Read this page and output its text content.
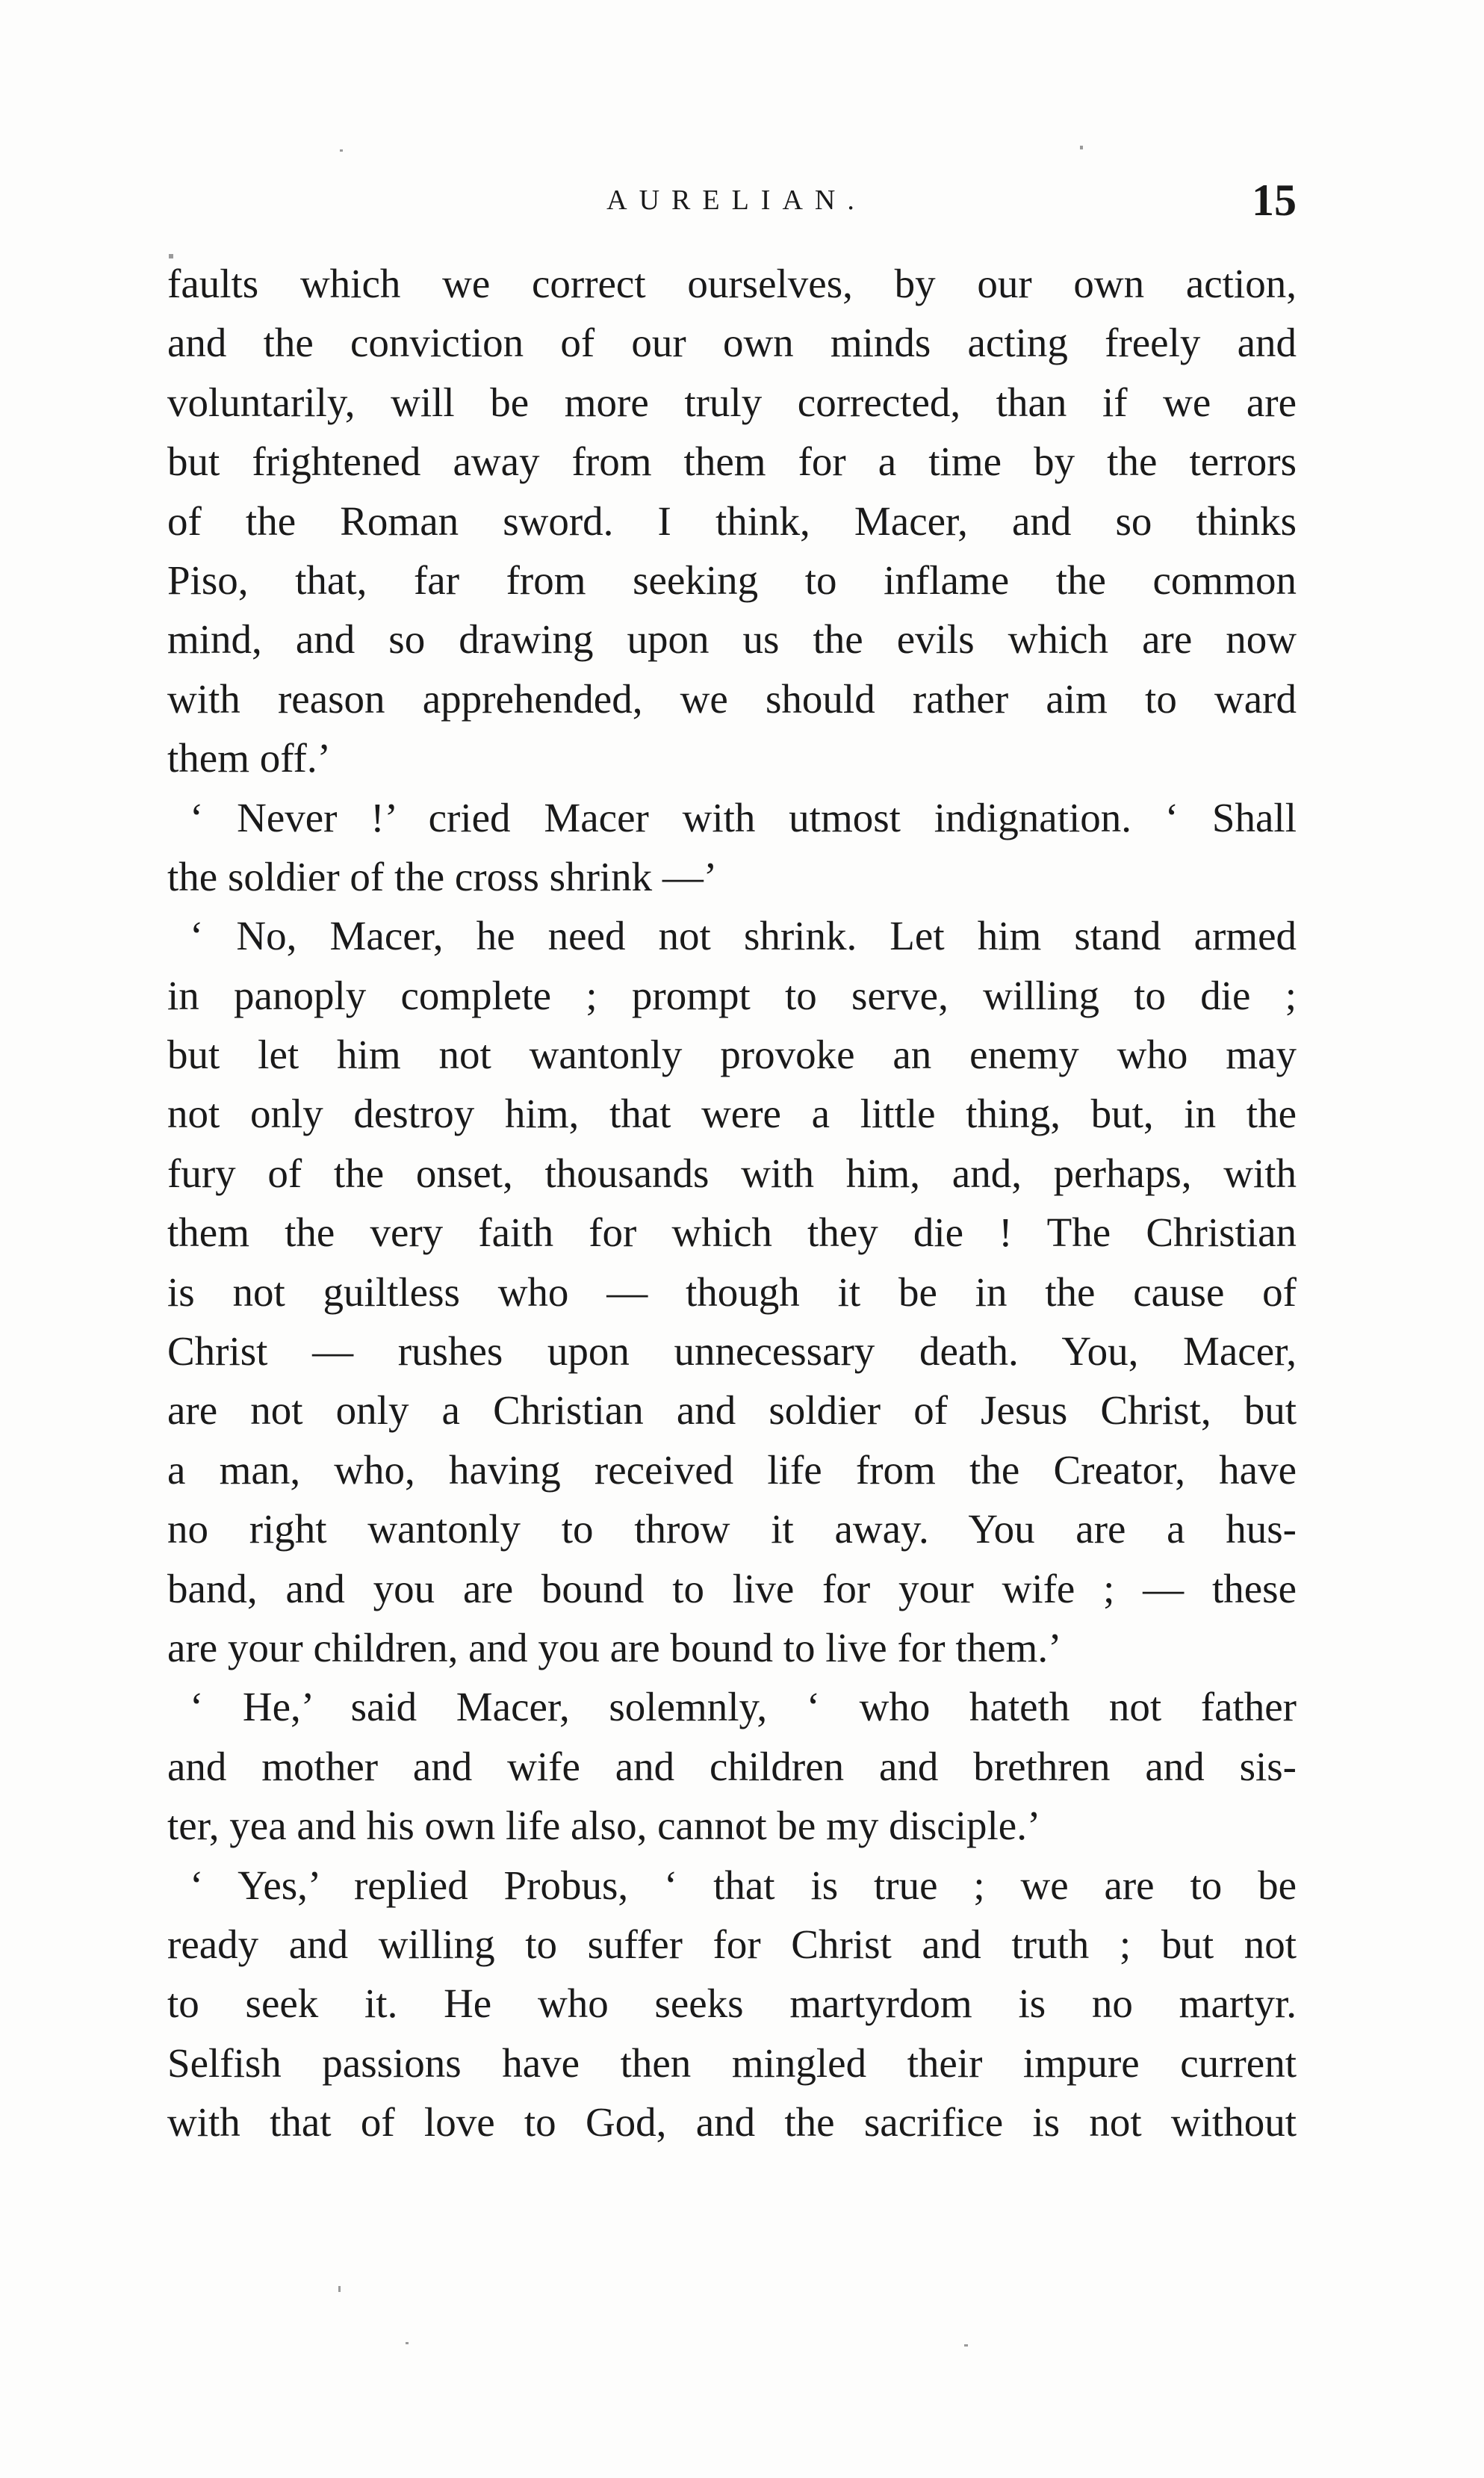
AURELIAN.	15
faults which we correct ourselves, by our own action,
and the conviction of our own minds acting freely and
voluntarily, will be more truly corrected, than if we are
but frightened away from them for a time by the terrors
of the Roman sword. I think, Macer, and so thinks
Piso, that, far from seeking to inflame the common
mind, and so drawing upon us the evils which are now
with reason apprehended, we should rather aim to ward
them off.’
‘ Never !’ cried Macer with utmost indignation. ‘ Shall
the soldier of the cross shrink —’
‘ No, Macer, he need not shrink. Let him stand armed
in panoply complete ; prompt to serve, willing to die ;
but let him not wantonly provoke an enemy who may
not only destroy him, that were a little thing, but, in the
fury of the onset, thousands with him, and, perhaps, with
them the very faith for which they die ! The Christian
is not guiltless who — though it be in the cause of
Christ — rushes upon unnecessary death. You, Macer,
are not only a Christian and soldier of Jesus Christ, but
a man, who, having received life from the Creator, have
no right wantonly to throw it away. You are a hus-
band, and you are bound to live for your wife ; — these
are your children, and you are bound to live for them.’
‘ He,’ said Macer, solemnly, ‘ who hateth not father
and mother and wife and children and brethren and sis-
ter, yea and his own life also, cannot be my disciple.’
‘ Yes,’ replied Probus, ‘ that is true ; we are to be
ready and willing to suffer for Christ and truth ; but not
to seek it. He who seeks martyrdom is no martyr.
Selfish passions have then mingled their impure current
with that of love to God, and the sacrifice is not without
